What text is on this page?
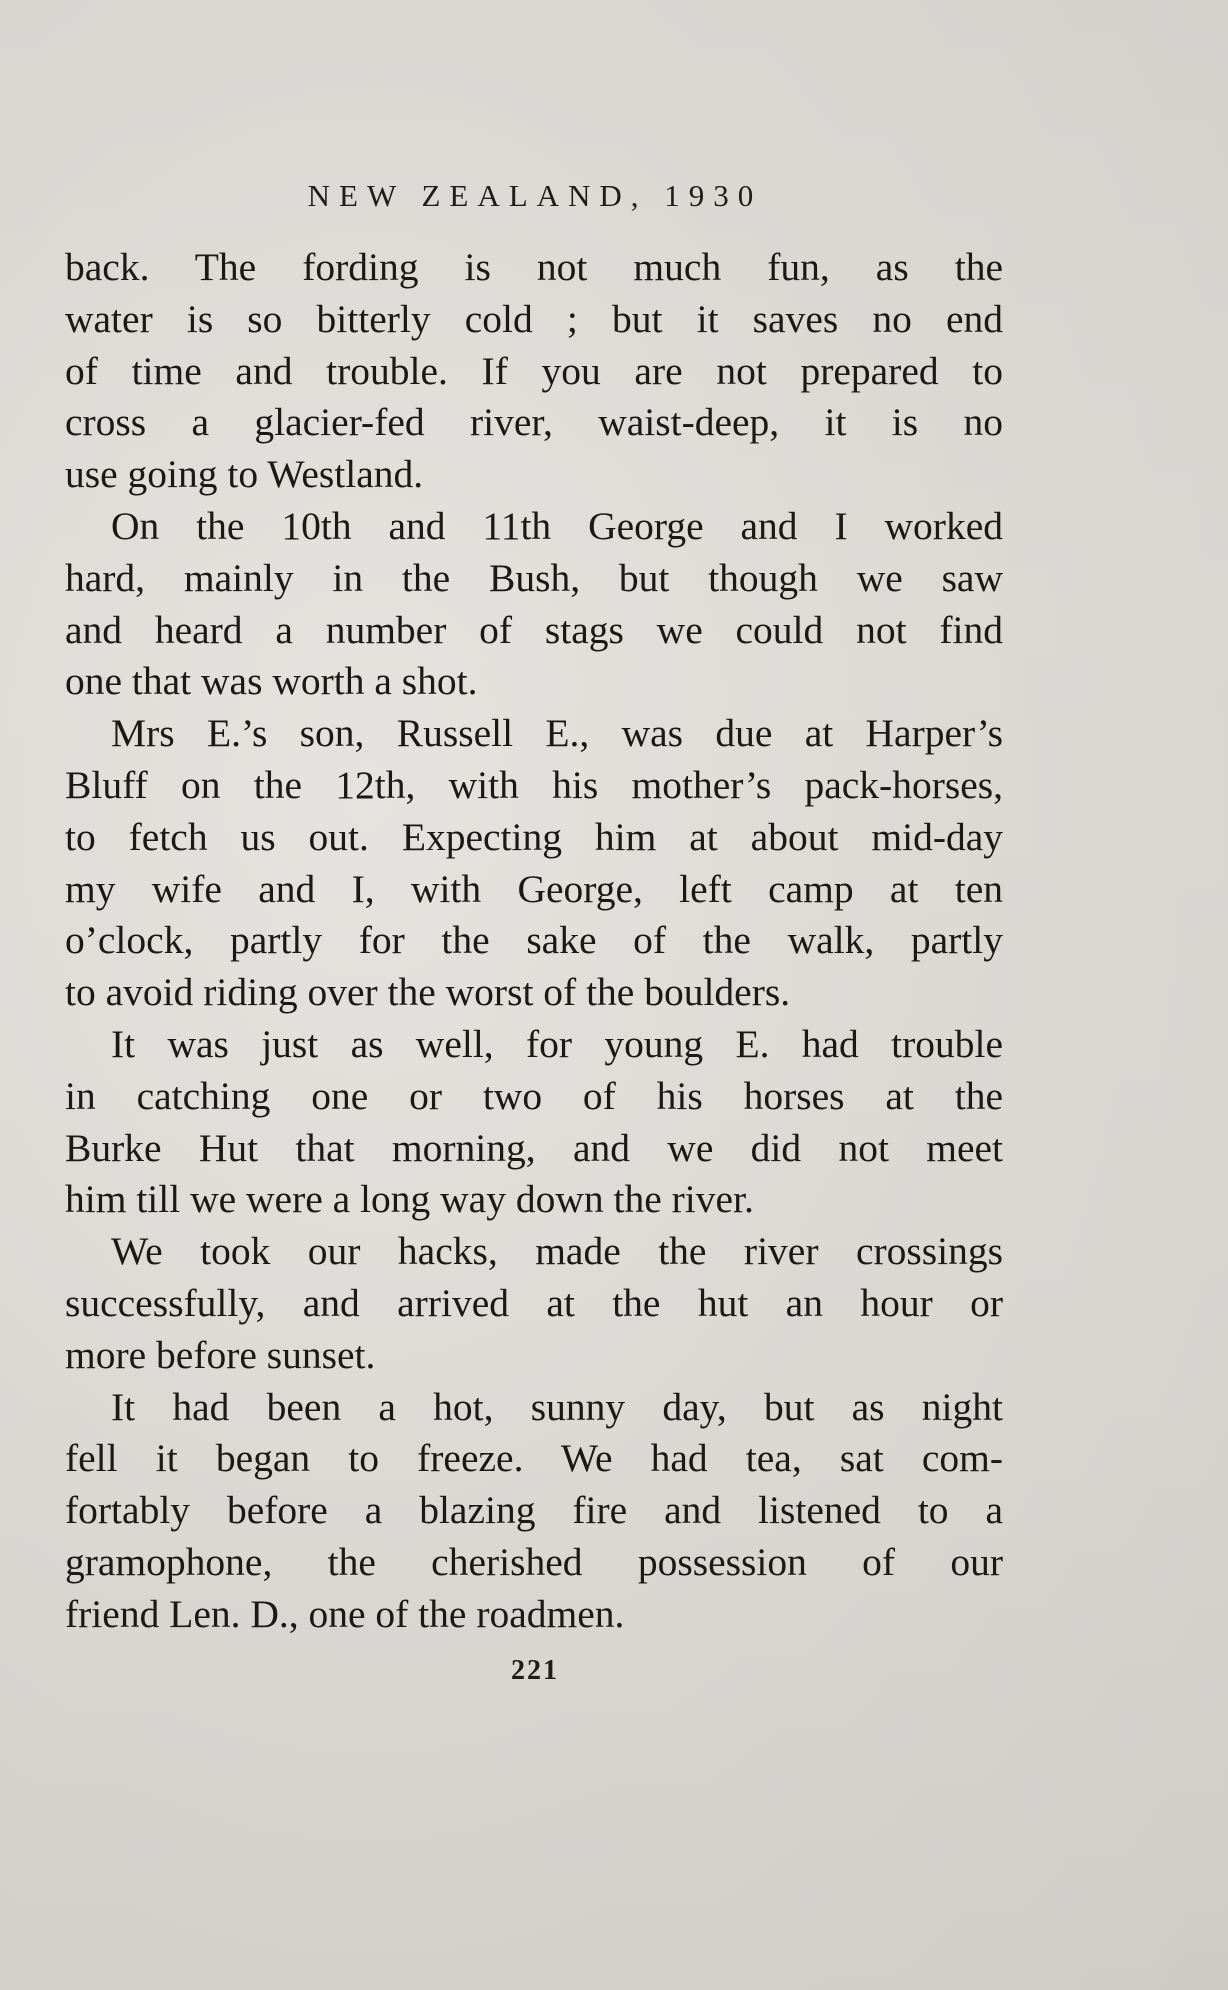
NEW ZEALAND, 1930
back. The fording is not much fun, as the
water is so bitterly cold ; but it saves no end
of time and trouble. If you are not prepared to
cross a glacier-fed river, waist-deep, it is no
use going to Westland.
On the 10th and 11th George and I worked
hard, mainly in the Bush, but though we saw
and heard a number of stags we could not find
one that was worth a shot.
Mrs E.’s son, Russell E., was due at Harper’s
Bluff on the 12th, with his mother’s pack-horses,
to fetch us out. Expecting him at about mid-day
my wife and I, with George, left camp at ten
o’clock, partly for the sake of the walk, partly
to avoid riding over the worst of the boulders.
It was just as well, for young E. had trouble
in catching one or two of his horses at the
Burke Hut that morning, and we did not meet
him till we were a long way down the river.
We took our hacks, made the river crossings
successfully, and arrived at the hut an hour or
more before sunset.
It had been a hot, sunny day, but as night
fell it began to freeze. We had tea, sat com-
fortably before a blazing fire and listened to a
gramophone, the cherished possession of our
friend Len. D., one of the roadmen.
221
